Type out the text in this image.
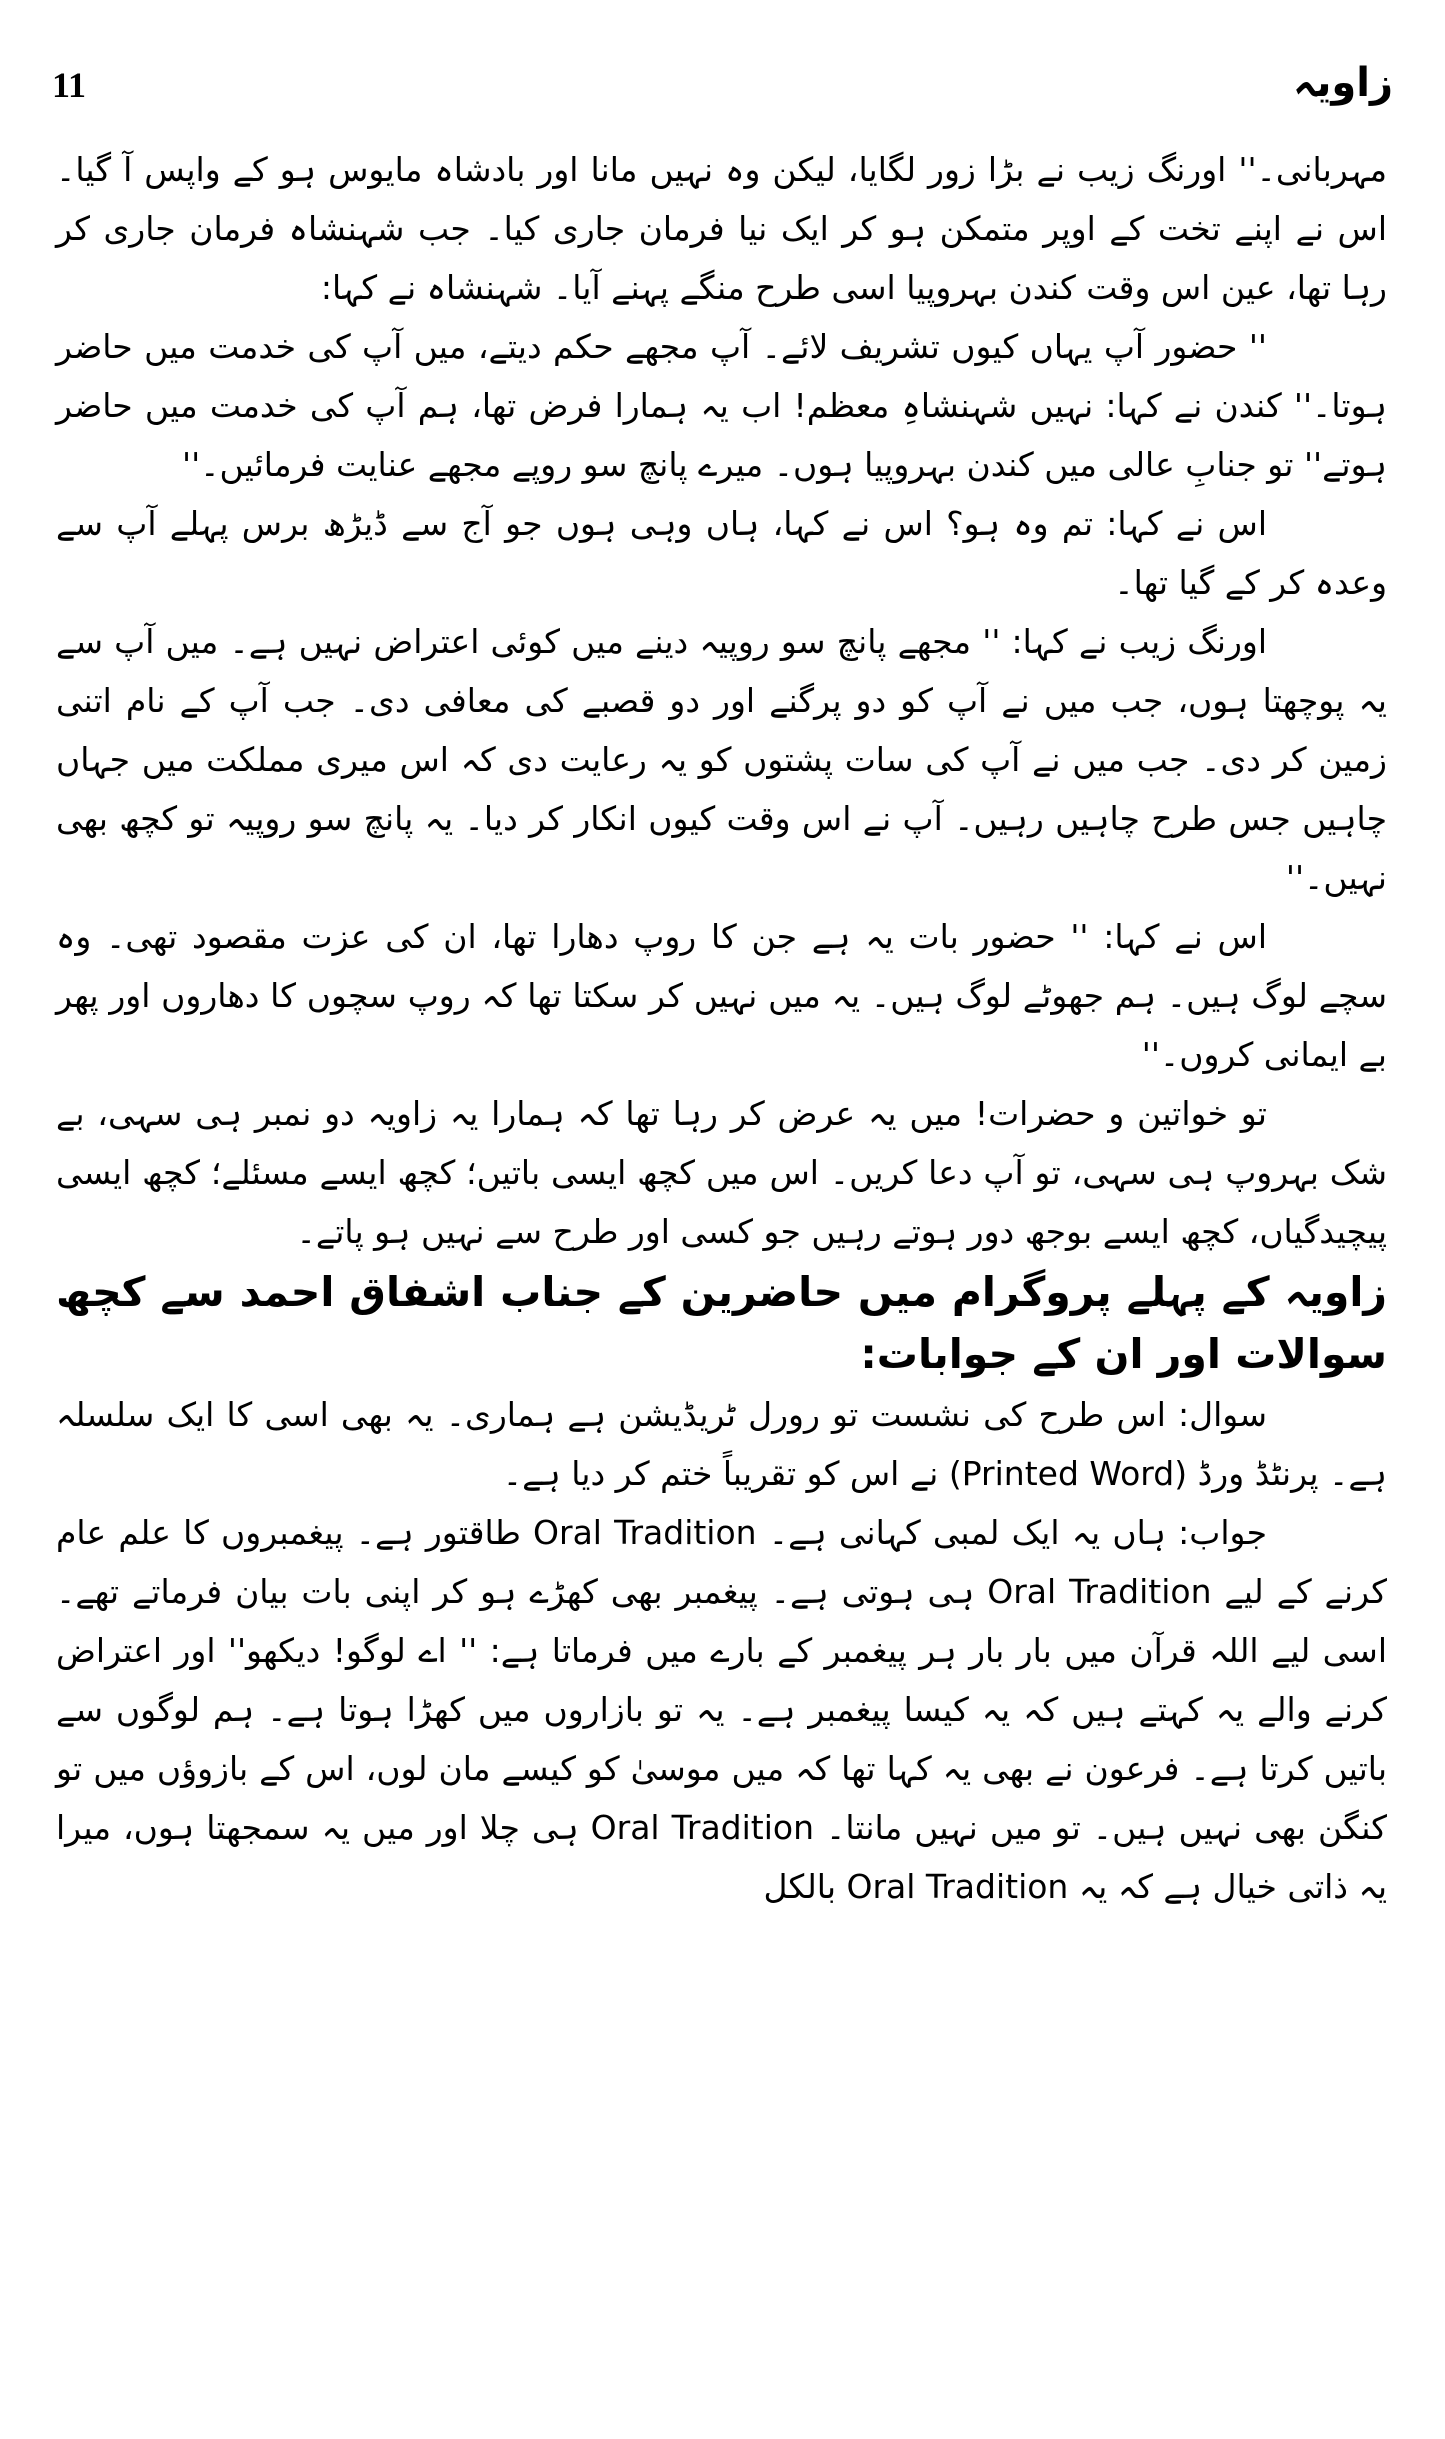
11	زاویہ

مہربانی۔'' اورنگ زیب نے بڑا زور لگایا، لیکن وہ نہیں مانا اور بادشاہ مایوس ہو کے واپس آ گیا۔ اس نے اپنے تخت کے اوپر متمکن ہو کر ایک نیا فرمان جاری کیا۔ جب شہنشاہ فرمان جاری کر رہا تھا، عین اس وقت کندن بہروپیا اسی طرح منگے پہنے آیا۔ شہنشاہ نے کہا:

'' حضور آپ یہاں کیوں تشریف لائے۔ آپ مجھے حکم دیتے، میں آپ کی خدمت میں حاضر ہوتا۔'' کندن نے کہا: نہیں شہنشاہِ معظم! اب یہ ہمارا فرض تھا، ہم آپ کی خدمت میں حاضر ہوتے'' تو جنابِ عالی میں کندن بہروپیا ہوں۔ میرے پانچ سو روپے مجھے عنایت فرمائیں۔''

اس نے کہا: تم وہ ہو؟ اس نے کہا، ہاں وہی ہوں جو آج سے ڈیڑھ برس پہلے آپ سے وعدہ کر کے گیا تھا۔

اورنگ زیب نے کہا: '' مجھے پانچ سو روپیہ دینے میں کوئی اعتراض نہیں ہے۔ میں آپ سے یہ پوچھتا ہوں، جب میں نے آپ کو دو پرگنے اور دو قصبے کی معافی دی۔ جب آپ کے نام اتنی زمین کر دی۔ جب میں نے آپ کی سات پشتوں کو یہ رعایت دی کہ اس میری مملکت میں جہاں چاہیں جس طرح چاہیں رہیں۔ آپ نے اس وقت کیوں انکار کر دیا۔ یہ پانچ سو روپیہ تو کچھ بھی نہیں۔''

اس نے کہا: '' حضور بات یہ ہے جن کا روپ دھارا تھا، ان کی عزت مقصود تھی۔ وہ سچے لوگ ہیں۔ ہم جھوٹے لوگ ہیں۔ یہ میں نہیں کر سکتا تھا کہ روپ سچوں کا دھاروں اور پھر بے ایمانی کروں۔''

تو خواتین و حضرات! میں یہ عرض کر رہا تھا کہ ہمارا یہ زاویہ دو نمبر ہی سہی، بے شک بہروپ ہی سہی، تو آپ دعا کریں۔ اس میں کچھ ایسی باتیں؛ کچھ ایسے مسئلے؛ کچھ ایسی پیچیدگیاں، کچھ ایسے بوجھ دور ہوتے رہیں جو کسی اور طرح سے نہیں ہو پاتے۔

زاویہ کے پہلے پروگرام میں حاضرین کے جناب اشفاق احمد سے کچھ سوالات اور ان کے جوابات:

سوال: اس طرح کی نشست تو رورل ٹریڈیشن ہے ہماری۔ یہ بھی اسی کا ایک سلسلہ ہے۔ پرنٹڈ ورڈ (Printed Word) نے اس کو تقریباً ختم کر دیا ہے۔

جواب: ہاں یہ ایک لمبی کہانی ہے۔ Oral Tradition طاقتور ہے۔ پیغمبروں کا علم عام کرنے کے لیے Oral Tradition ہی ہوتی ہے۔ پیغمبر بھی کھڑے ہو کر اپنی بات بیان فرماتے تھے۔ اسی لیے اللہ قرآن میں بار بار ہر پیغمبر کے بارے میں فرماتا ہے: '' اے لوگو! دیکھو'' اور اعتراض کرنے والے یہ کہتے ہیں کہ یہ کیسا پیغمبر ہے۔ یہ تو بازاروں میں کھڑا ہوتا ہے۔ ہم لوگوں سے باتیں کرتا ہے۔ فرعون نے بھی یہ کہا تھا کہ میں موسیٰ کو کیسے مان لوں، اس کے بازوؤں میں تو کنگن بھی نہیں ہیں۔ تو میں نہیں مانتا۔ Oral Tradition ہی چلا اور میں یہ سمجھتا ہوں، میرا یہ ذاتی خیال ہے کہ یہ Oral Tradition بالکل
